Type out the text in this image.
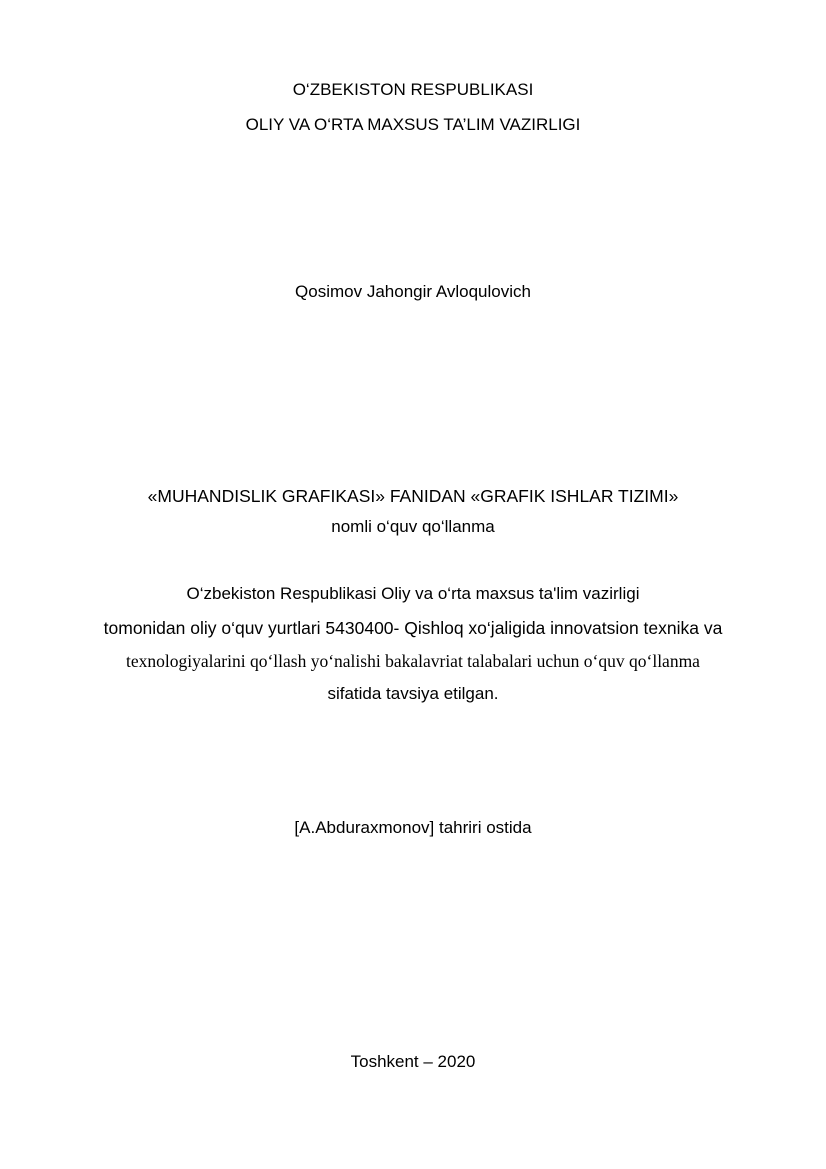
O‘ZBEKISTON RESPUBLIKASI
OLIY VA O‘RTA MAXSUS TA’LIM VAZIRLIGI
Qosimov Jahongir Avloqulovich
«MUHANDISLIK GRAFIKASI» FANIDAN «GRAFIK ISHLAR TIZIMI»
nomli o‘quv qo‘llanma
O‘zbekiston Respublikasi Oliy va o‘rta maxsus ta'lim vazirligi
tomonidan oliy o‘quv yurtlari 5430400- Qishloq xo‘jaligida innovatsion texnika va
texnologiyalarini qo‘llash yo‘nalishi bakalavriat talabalari uchun o‘quv qo‘llanma
sifatida tavsiya etilgan.
[A.Abduraxmonov] tahriri ostida
Toshkent – 2020
